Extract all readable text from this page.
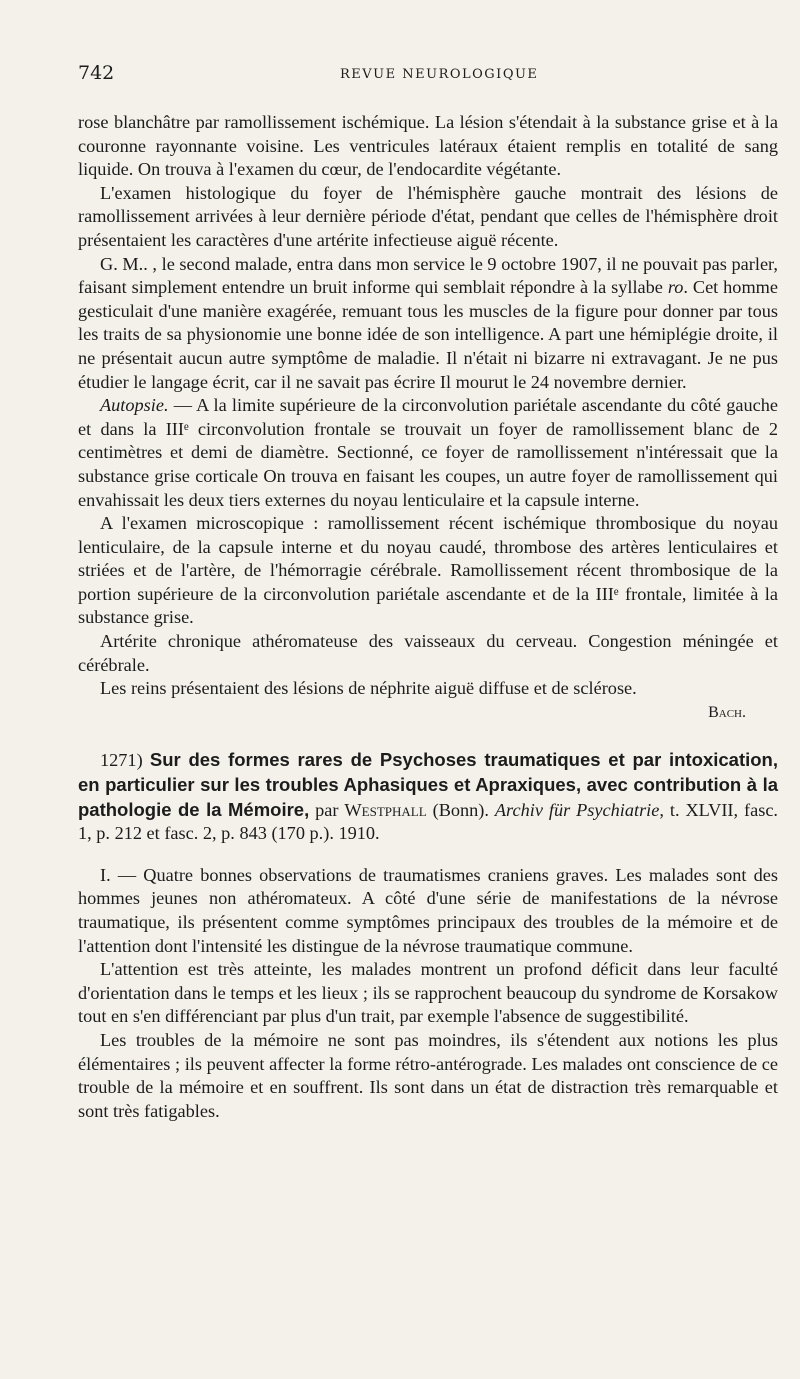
742	REVUE NEUROLOGIQUE

rose blanchâtre par ramollissement ischémique. La lésion s'étendait à la substance grise et à la couronne rayonnante voisine. Les ventricules latéraux étaient remplis en totalité de sang liquide. On trouva à l'examen du cœur, de l'endocardite végétante.

L'examen histologique du foyer de l'hémisphère gauche montrait des lésions de ramollissement arrivées à leur dernière période d'état, pendant que celles de l'hémisphère droit présentaient les caractères d'une artérite infectieuse aiguë récente.

G. M.. , le second malade, entra dans mon service le 9 octobre 1907, il ne pouvait pas parler, faisant simplement entendre un bruit informe qui semblait répondre à la syllabe ro. Cet homme gesticulait d'une manière exagérée, remuant tous les muscles de la figure pour donner par tous les traits de sa physionomie une bonne idée de son intelligence. A part une hémiplégie droite, il ne présentait aucun autre symptôme de maladie. Il n'était ni bizarre ni extravagant. Je ne pus étudier le langage écrit, car il ne savait pas écrire Il mourut le 24 novembre dernier.

Autopsie. — A la limite supérieure de la circonvolution pariétale ascendante du côté gauche et dans la IIIᵉ circonvolution frontale se trouvait un foyer de ramollissement blanc de 2 centimètres et demi de diamètre. Sectionné, ce foyer de ramollissement n'intéressait que la substance grise corticale On trouva en faisant les coupes, un autre foyer de ramollissement qui envahissait les deux tiers externes du noyau lenticulaire et la capsule interne.

A l'examen microscopique : ramollissement récent ischémique thrombosique du noyau lenticulaire, de la capsule interne et du noyau caudé, thrombose des artères lenticulaires et striées et de l'artère, de l'hémorragie cérébrale. Ramollissement récent thrombosique de la portion supérieure de la circonvolution pariétale ascendante et de la IIIᵉ frontale, limitée à la substance grise.

Artérite chronique athéromateuse des vaisseaux du cerveau. Congestion méningée et cérébrale.

Les reins présentaient des lésions de néphrite aiguë diffuse et de sclérose.

Bach.

1271) Sur des formes rares de Psychoses traumatiques et par intoxication, en particulier sur les troubles Aphasiques et Apraxiques, avec contribution à la pathologie de la Mémoire, par Westphall (Bonn). Archiv für Psychiatrie, t. XLVII, fasc. 1, p. 212 et fasc. 2, p. 843 (170 p.). 1910.

I. — Quatre bonnes observations de traumatismes craniens graves. Les malades sont des hommes jeunes non athéromateux. A côté d'une série de manifestations de la névrose traumatique, ils présentent comme symptômes principaux des troubles de la mémoire et de l'attention dont l'intensité les distingue de la névrose traumatique commune.

L'attention est très atteinte, les malades montrent un profond déficit dans leur faculté d'orientation dans le temps et les lieux ; ils se rapprochent beaucoup du syndrome de Korsakow tout en s'en différenciant par plus d'un trait, par exemple l'absence de suggestibilité.

Les troubles de la mémoire ne sont pas moindres, ils s'étendent aux notions les plus élémentaires ; ils peuvent affecter la forme rétro-antérograde. Les malades ont conscience de ce trouble de la mémoire et en souffrent. Ils sont dans un état de distraction très remarquable et sont très fatigables.
